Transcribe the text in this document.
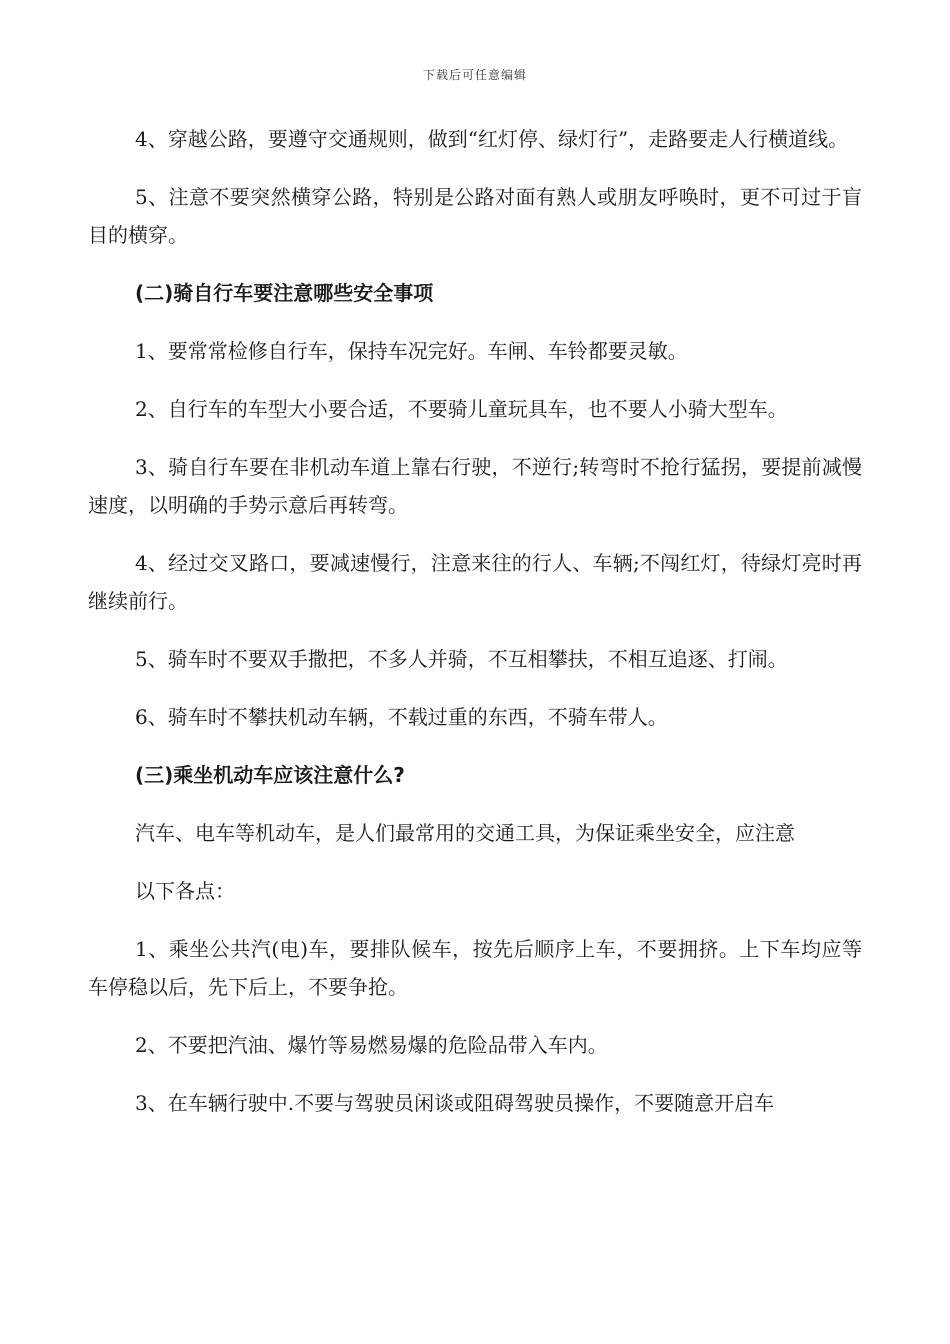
下载后可任意编辑

4、穿越公路，要遵守交通规则，做到“红灯停、绿灯行”，走路要走人行横道线。

5、注意不要突然横穿公路，特别是公路对面有熟人或朋友呼唤时，更不可过于盲目的横穿。

(二)骑自行车要注意哪些安全事项

1、要常常检修自行车，保持车况完好。车闸、车铃都要灵敏。

2、自行车的车型大小要合适，不要骑儿童玩具车，也不要人小骑大型车。

3、骑自行车要在非机动车道上靠右行驶，不逆行;转弯时不抢行猛拐，要提前减慢速度，以明确的手势示意后再转弯。

4、经过交叉路口，要减速慢行，注意来往的行人、车辆;不闯红灯，待绿灯亮时再继续前行。

5、骑车时不要双手撒把，不多人并骑，不互相攀扶，不相互追逐、打闹。

6、骑车时不攀扶机动车辆，不载过重的东西，不骑车带人。

(三)乘坐机动车应该注意什么?

汽车、电车等机动车，是人们最常用的交通工具，为保证乘坐安全，应注意

以下各点：

1、乘坐公共汽(电)车，要排队候车，按先后顺序上车，不要拥挤。上下车均应等车停稳以后，先下后上，不要争抢。

2、不要把汽油、爆竹等易燃易爆的危险品带入车内。

3、在车辆行驶中.不要与驾驶员闲谈或阻碍驾驶员操作，不要随意开启车
